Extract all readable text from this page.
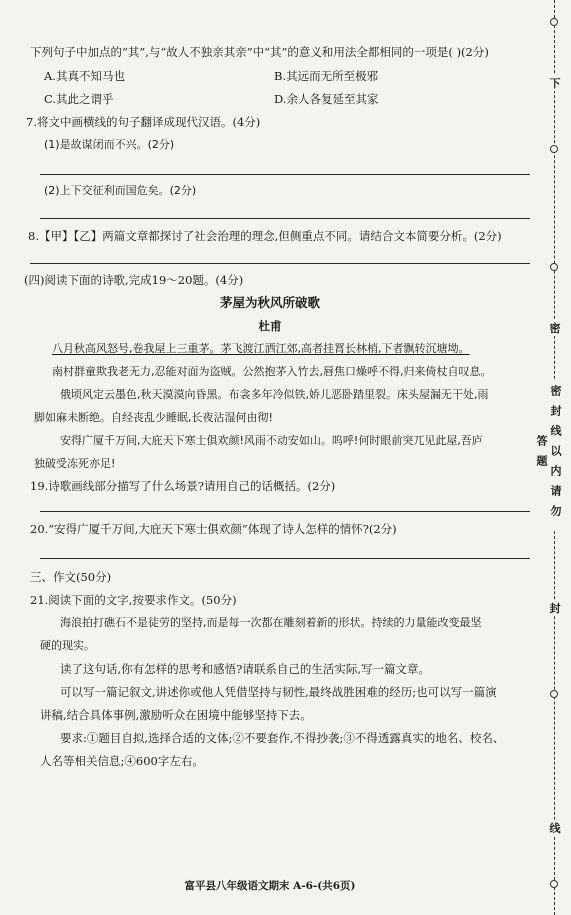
下列句子中加点的“其”,与“故人不独亲其亲”中“其”的意义和用法全都相同的一项是( )(2分)
A.其真不知马也	B.其远而无所至极邪
C.其此之谓乎	D.余人各复延至其家
7.将文中画横线的句子翻译成现代汉语。(4分)
(1)是故谋闭而不兴。(2分)
(2)上下交征利而国危矣。(2分)
8.【甲】【乙】两篇文章都探讨了社会治理的理念,但侧重点不同。请结合文本简要分析。(2分)
(四)阅读下面的诗歌,完成19～20题。(4分)
茅屋为秋风所破歌
杜甫
八月秋高风怒号,卷我屋上三重茅。茅飞渡江洒江郊,高者挂罥长林梢,下者飘转沉塘坳。
南村群童欺我老无力,忍能对面为盗贼。公然抱茅入竹去,唇焦口燥呼不得,归来倚杖自叹息。
俄顷风定云墨色,秋天漠漠向昏黑。布衾多年冷似铁,娇儿恶卧踏里裂。床头屋漏无干处,雨
脚如麻未断绝。自经丧乱少睡眠,长夜沾湿何由彻!
安得广厦千万间,大庇天下寒士俱欢颜!风雨不动安如山。呜呼!何时眼前突兀见此屋,吾庐
独破受冻死亦足!
19.诗歌画线部分描写了什么场景?请用自己的话概括。(2分)
20.“安得广厦千万间,大庇天下寒士俱欢颜”体现了诗人怎样的情怀?(2分)
三、作文(50分)
21.阅读下面的文字,按要求作文。(50分)
海浪拍打礁石不是徒劳的坚持,而是每一次都在雕刻着新的形状。持续的力量能改变最坚
硬的现实。
读了这句话,你有怎样的思考和感悟?请联系自己的生活实际,写一篇文章。
可以写一篇记叙文,讲述你或他人凭借坚持与韧性,最终战胜困难的经历;也可以写一篇演
讲稿,结合具体事例,激励听众在困境中能够坚持下去。
要求:①题目自拟,选择合适的文体;②不要套作,不得抄袭;③不得透露真实的地名、校名、
人名等相关信息;④600字左右。
富平县八年级语文期末 A-6-(共6页)
下
密
密封线以内请勿答题
封
线
